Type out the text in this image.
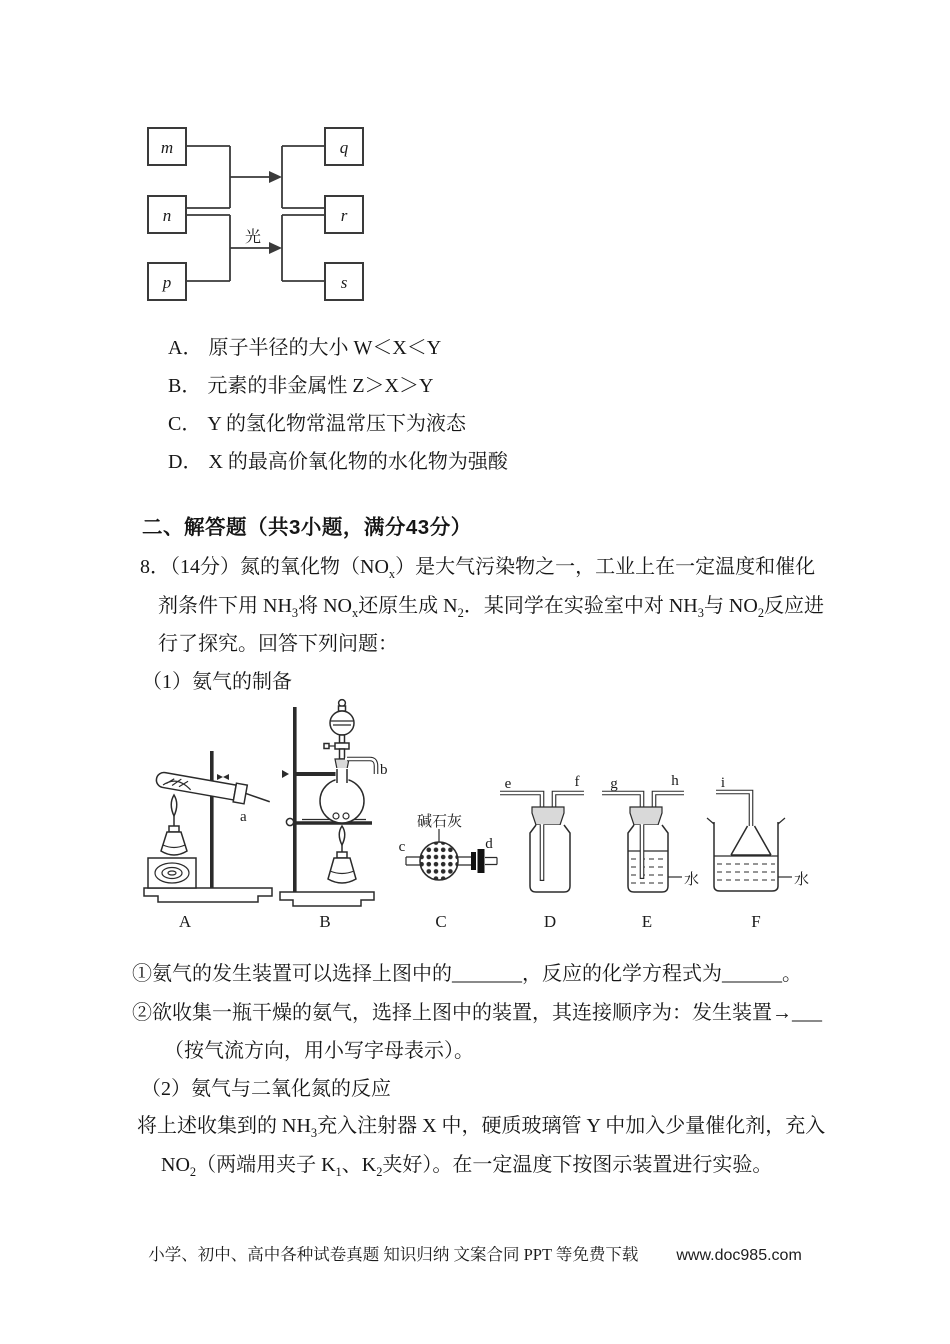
光
m
n
p
q
r
s
A． 原子半径的大小 W＜X＜Y
B． 元素的非金属性 Z＞X＞Y
C． Y 的氢化物常温常压下为液态
D． X 的最高价氧化物的水化物为强酸
二、解答题（共3小题，满分43分）
8．（14分）氮的氧化物$(NO_x)$是大气污染物之一，工业上在一定温度和催化
剂条件下用 $NH_3$将 $NO_x$还原生成 $N_2$．某同学在实验室中对 $NH_3$与 $NO_2$反应进
行了探究。回答下列问题：
（1）氨气的制备
a
A
b
B
碱石灰
c	d
C
e	f
D
水
g	h
E
水
i
F
①氨气的发生装置可以选择上图中的_______，反应的化学方程式为______。
②欲收集一瓶干燥的氨气，选择上图中的装置，其连接顺序为：发生装置→___
（按气流方向，用小写字母表示）。
（2）氨气与二氧化氮的反应
将上述收集到的 $NH_3$充入注射器 X 中，硬质玻璃管 Y 中加入少量催化剂，充入
$NO_2$（两端用夹子 $K_1$、$K_2$夹好）。在一定温度下按图示装置进行实验。
小学、初中、高中各种试卷真题 知识归纳 文案合同 PPT 等免费下载 www.doc985.com
